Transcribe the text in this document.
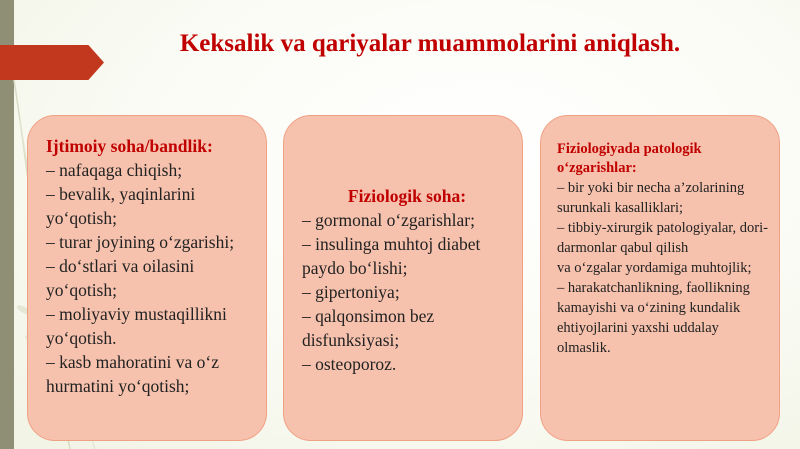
Keksalik va qariyalar muammolarini aniqlash.

Ijtimoiy soha/bandlik:

– nafaqaga chiqish;
– bevalik, yaqinlarini yo‘qotish;
– turar joyining o‘zgarishi;
– do‘stlari va oilasini yo‘qotish;
– moliyaviy mustaqillikni yo‘qotish.
– kasb mahoratini va o‘z hurmatini yo‘qotish;

Fiziologik soha:

– gormonal o‘zgarishlar;
– insulinga muhtoj diabet paydo bo‘lishi;
– gipertoniya;
– qalqonsimon bez disfunksiyasi;
– osteoporoz.

Fiziologiyada patologik o‘zgarishlar:

– bir yoki bir necha a’zolarining surunkali kasalliklari;
– tibbiy-xirurgik patologiyalar, dori-darmonlar qabul qilish
va o‘zgalar yordamiga muhtojlik;
– harakatchanlikning, faollikning kamayishi va o‘zining kundalik ehtiyojlarini yaxshi uddalay olmaslik.
